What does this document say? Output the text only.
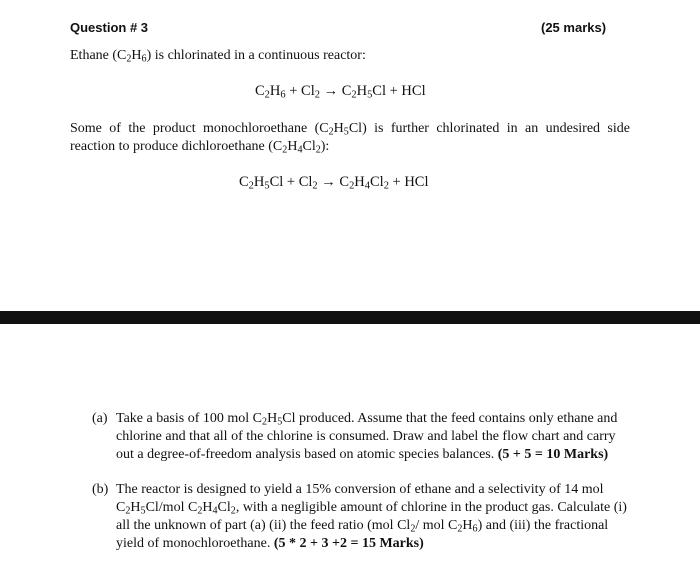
Question # 3	(25 marks)
Ethane $(C_2H_6)$ is chlorinated in a continuous reactor:
$C_2H_6 + Cl_2 \to C_2H_5Cl$ + HCl
Some of the product monochloroethane $(C_2H_5Cl)$ is further chlorinated in an undesired side reaction to produce dichloroethane $(C_2H_4Cl_2)$:
$C_2H_5Cl + Cl_2 \to C_2H_4Cl_2$ + HCl
(a) Take a basis of 100 mol $C_2H_5Cl$ produced. Assume that the feed contains only ethane and chlorine and that all of the chlorine is consumed. Draw and label the flow chart and carry out a degree-of-freedom analysis based on atomic species balances. (5 + 5 = 10 Marks)
(b) The reactor is designed to yield a 15% conversion of ethane and a selectivity of 14 mol $C_2H_5Cl$/mol $C_2H_4Cl_2$, with a negligible amount of chlorine in the product gas. Calculate (i) all the unknown of part (a) (ii) the feed ratio (mol $Cl_2/$ mol $C_2H_6$) and (iii) the fractional yield of monochloroethane. (5 * 2 + 3 +2 = 15 Marks)
